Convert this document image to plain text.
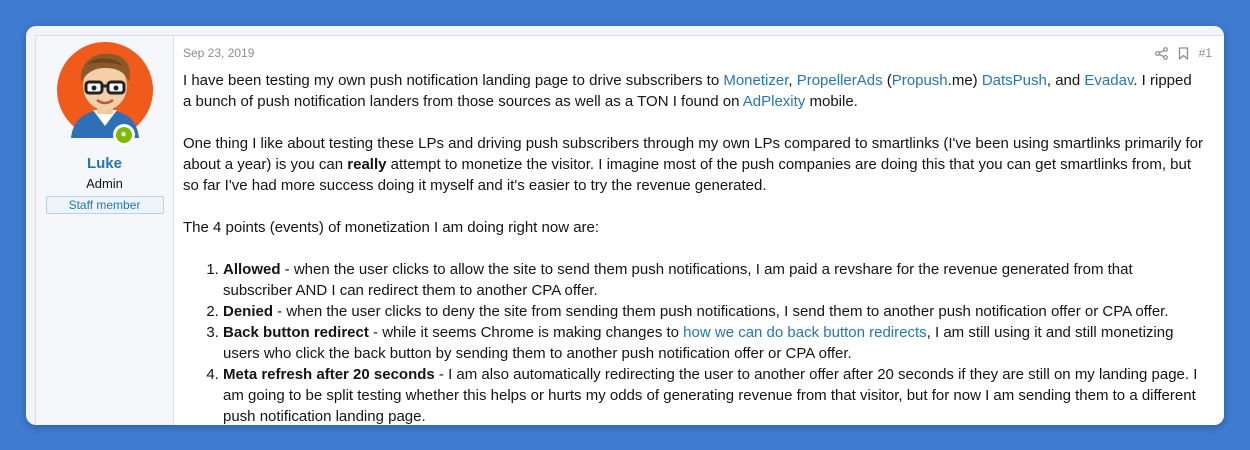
●
Luke
Admin
Staff member
Sep 23, 2019	#1

I have been testing my own push notification landing page to drive subscribers to Monetizer, PropellerAds (Propush.me) DatsPush, and Evadav. I ripped a bunch of push notification landers from those sources as well as a TON I found on AdPlexity mobile.

One thing I like about testing these LPs and driving push subscribers through my own LPs compared to smartlinks (I've been using smartlinks primarily for about a year) is you can really attempt to monetize the visitor. I imagine most of the push companies are doing this that you can get smartlinks from, but so far I've had more success doing it myself and it's easier to try the revenue generated.

The 4 points (events) of monetization I am doing right now are:

1. Allowed - when the user clicks to allow the site to send them push notifications, I am paid a revshare for the revenue generated from that subscriber AND I can redirect them to another CPA offer.
2. Denied - when the user clicks to deny the site from sending them push notifications, I send them to another push notification offer or CPA offer.
3. Back button redirect - while it seems Chrome is making changes to how we can do back button redirects, I am still using it and still monetizing users who click the back button by sending them to another push notification offer or CPA offer.
4. Meta refresh after 20 seconds - I am also automatically redirecting the user to another offer after 20 seconds if they are still on my landing page. I am going to be split testing whether this helps or hurts my odds of generating revenue from that visitor, but for now I am sending them to a different push notification landing page.
